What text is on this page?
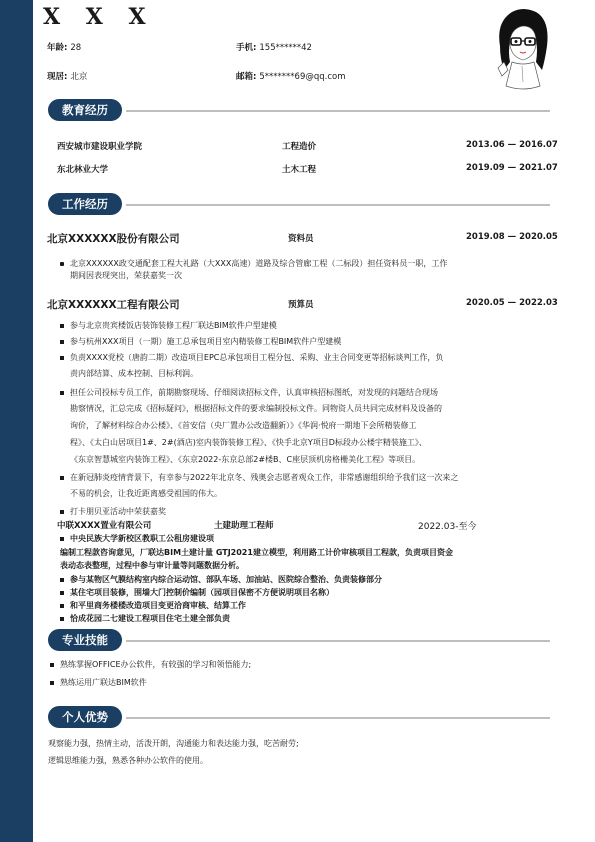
X X X
年龄: 28	手机: 155******42
现居: 北京	邮箱: 5*******69@qq.com
教育经历
西安城市建设职业学院	工程造价	2013.06 — 2016.07
东北林业大学	土木工程	2019.09 — 2021.07
工作经历
北京XXXXXX股份有限公司	资料员	2019.08 — 2020.05
北京XXXXXX政交通配套工程大礼路（大XXX高速）道路及综合管廊工程（二标段）担任资料员一职，工作
期间因表现突出，荣获嘉奖一次
北京XXXXXX工程有限公司	预算员	2020.05 — 2022.03
参与北京贵宾楼饭店装饰装修工程厂联达BIM软件户型建模
参与杭州XXX项目（一期）施工总承包项目室内精装修工程BIM软件户型建模
负责XXXX党校（唐韵二期）改造项目EPC总承包项目工程分包、采购、业主合同变更等招标谈判工作，负
责内部结算、成本控制、目标利润。
担任公司投标专员工作，前期勘察现场、仔细阅读招标文件，认真审核招标图纸，对发现的问题结合现场
勘察情况，汇总完成《招标疑问》，根据招标文件的要求编制投标文件。同物资人员共同完成材料及设备的
询价，了解材料综合办公楼》、《首安信（央厂置办公改造翻新）》《华润·悦府一期地下会所精装修工
程》、《太白山居项目1#、2#(酒店)室内装饰装修工程》、《快手北京Y项目D标段办公楼宇精装施工》、
《东京智慧城室内装饰工程》、《东京2022-东京总部2#楼B、C座层顶机房格栅美化工程》等项目。
在新冠肺炎疫情背景下，有幸参与2022年北京冬、残奥会志愿者观众工作，非常感谢组织给予我们这一次来之
不易的机会，让我近距离感受祖国的伟大。
打卡朋贝亚活动中荣获嘉奖
中联XXXX置业有限公司	土建助理工程师	2022.03-至今
中央民族大学新校区教职工公租房建设项
编制工程款咨询意见，厂联达BIM土建计量 GTJ2021建立模型，利用路工计价审核项目工程款，负责项目资金
表动态表整理，过程中参与审计量等问题数据分析。
参与某物区气膜结构室内综合运动馆、部队车场、加油站、医院综合整治、负责装修部分
某住宅项目装修，围墙大门控制价编制（园项目保密不方便说明项目名称）
和平里商务楼楼改造项目变更洽商审核、结算工作
恰成花园二七建设工程项目住宅土建全部负责
专业技能
熟练掌握OFFICE办公软件，有较强的学习和领悟能力;
熟练运用广联达BIM软件
个人优势
观察能力强，热情主动，活泼开朗，沟通能力和表达能力强，吃苦耐劳;
逻辑思维能力强，熟悉各种办公软件的使用。
